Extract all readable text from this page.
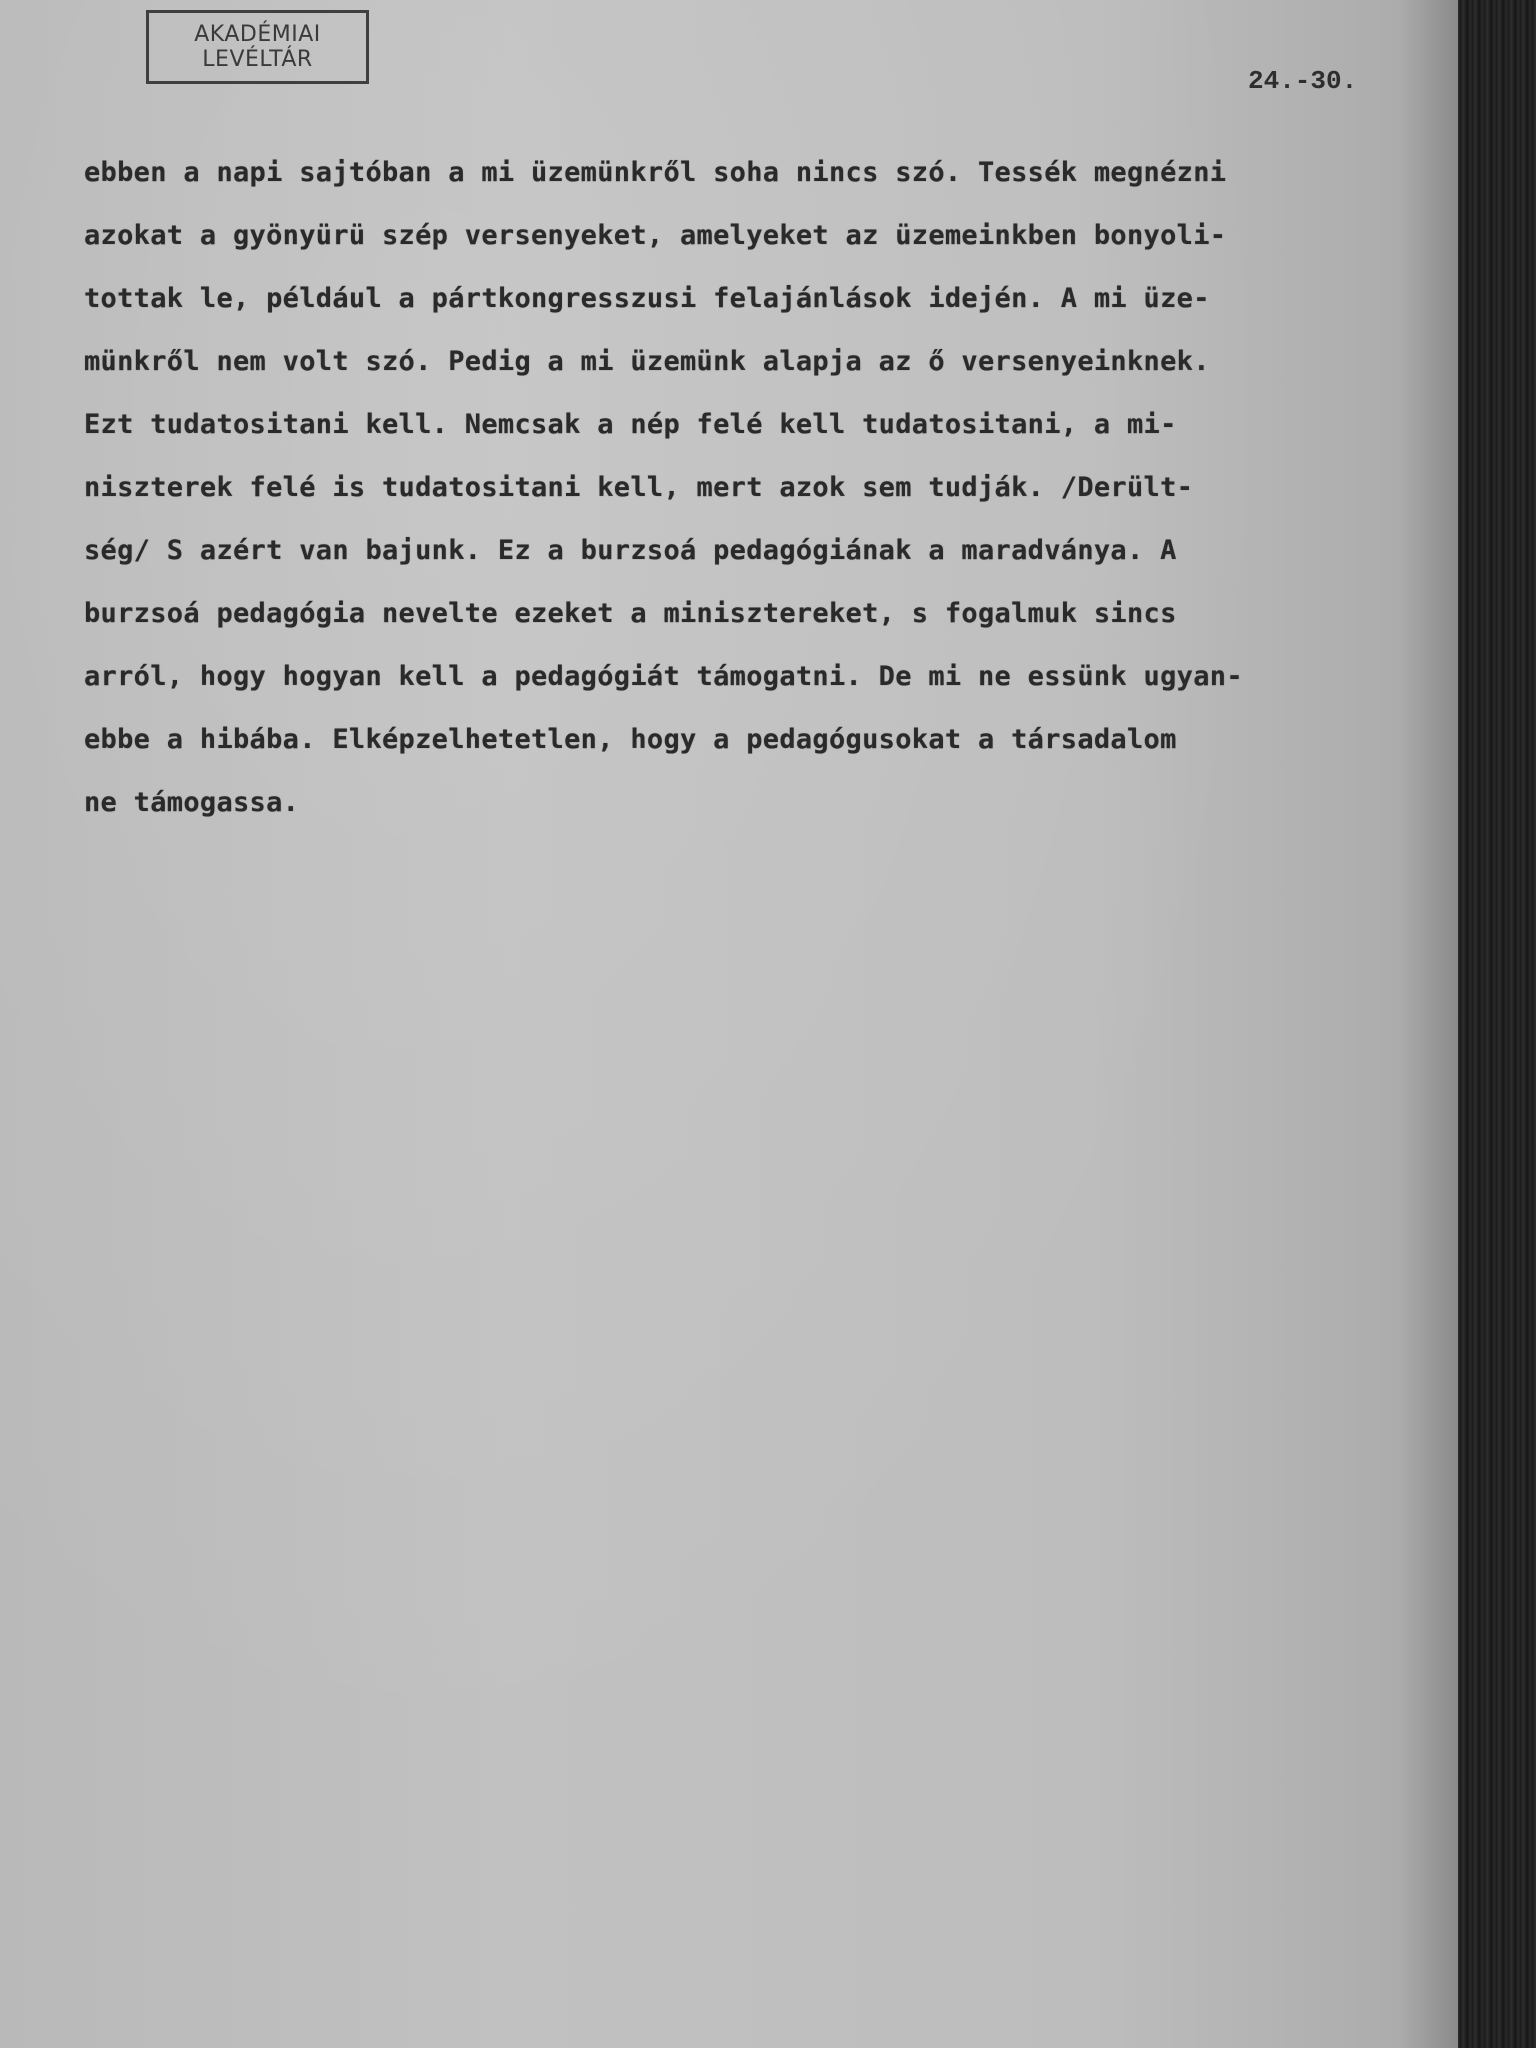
AKADÉMIAI
LEVÉLTÁR
24.-30.
ebben a napi sajtóban a mi üzemünkről soha nincs szó. Tessék megnézni
azokat a gyönyürü szép versenyeket, amelyeket az üzemeinkben bonyoli-
tottak le, például a pártkongresszusi felajánlások idején. A mi üze-
münkről nem volt szó. Pedig a mi üzemünk alapja az ő versenyeinknek.
Ezt tudatositani kell. Nemcsak a nép felé kell tudatositani, a mi-
niszterek felé is tudatositani kell, mert azok sem tudják. /Derült-
ség/ S azért van bajunk. Ez a burzsoá pedagógiának a maradványa. A
burzsoá pedagógia nevelte ezeket a minisztereket, s fogalmuk sincs
arról, hogy hogyan kell a pedagógiát támogatni. De mi ne essünk ugyan-
ebbe a hibába. Elképzelhetetlen, hogy a pedagógusokat a társadalom
ne támogassa.
